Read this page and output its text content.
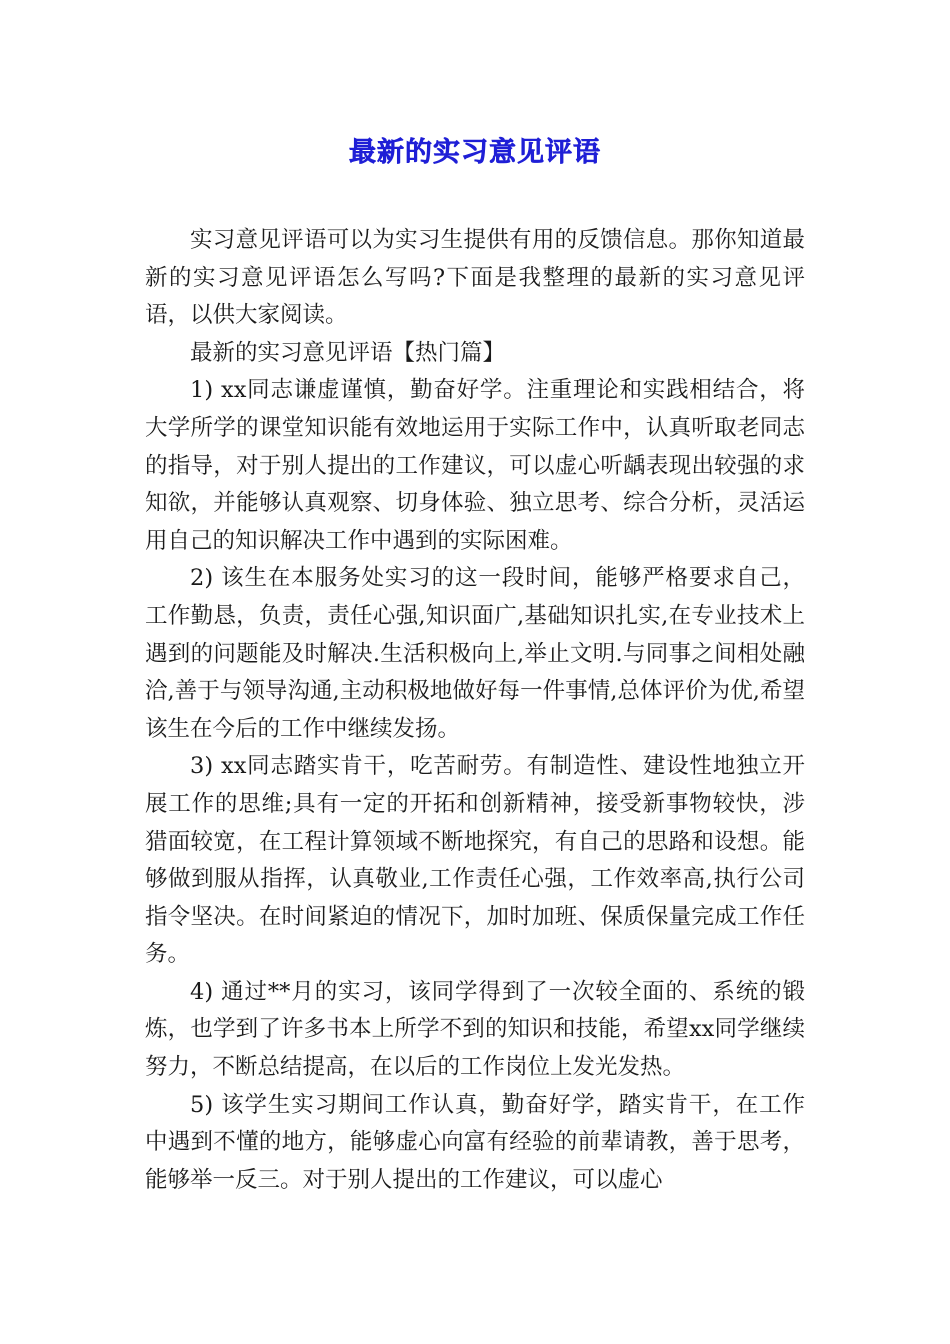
最新的实习意见评语

实习意见评语可以为实习生提供有用的反馈信息。那你知道最新的实习意见评语怎么写吗?下面是我整理的最新的实习意见评语，以供大家阅读。

最新的实习意见评语【热门篇】

1) xx同志谦虚谨慎，勤奋好学。注重理论和实践相结合，将大学所学的课堂知识能有效地运用于实际工作中，认真听取老同志的指导，对于别人提出的工作建议，可以虚心听龋表现出较强的求知欲，并能够认真观察、切身体验、独立思考、综合分析，灵活运用自己的知识解决工作中遇到的实际困难。

2) 该生在本服务处实习的这一段时间，能够严格要求自己，工作勤恳，负责，责任心强,知识面广,基础知识扎实,在专业技术上遇到的问题能及时解决.生活积极向上,举止文明.与同事之间相处融洽,善于与领导沟通,主动积极地做好每一件事情,总体评价为优,希望该生在今后的工作中继续发扬。

3) xx同志踏实肯干，吃苦耐劳。有制造性、建设性地独立开展工作的思维;具有一定的开拓和创新精神，接受新事物较快，涉猎面较宽，在工程计算领域不断地探究，有自己的思路和设想。能够做到服从指挥，认真敬业,工作责任心强，工作效率高,执行公司指令坚决。在时间紧迫的情况下，加时加班、保质保量完成工作任务。

4) 通过**月的实习，该同学得到了一次较全面的、系统的锻炼，也学到了许多书本上所学不到的知识和技能，希望xx同学继续努力，不断总结提高，在以后的工作岗位上发光发热。

5) 该学生实习期间工作认真，勤奋好学，踏实肯干，在工作中遇到不懂的地方，能够虚心向富有经验的前辈请教，善于思考，能够举一反三。对于别人提出的工作建议，可以虚心
